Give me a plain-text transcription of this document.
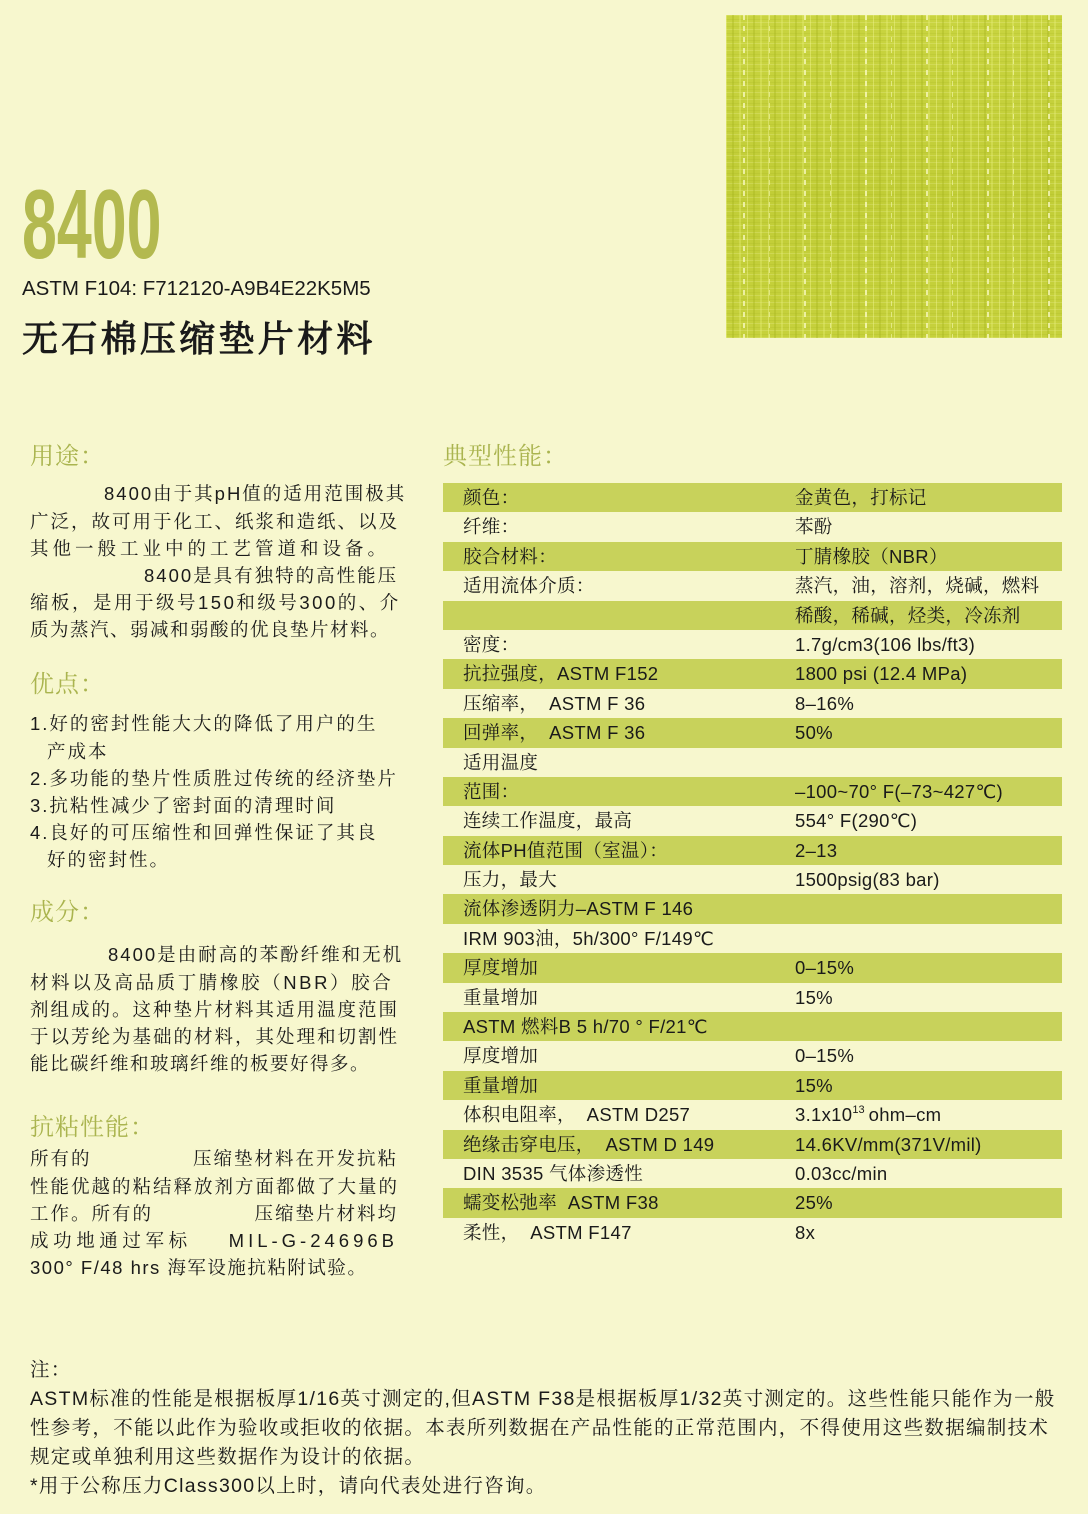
8400
ASTM F104: F712120-A9B4E22K5M5
无石棉压缩垫片材料
用途：
8400由于其pH值的适用范围极其
广泛，故可用于化工、纸浆和造纸、以及
其他一般工业中的工艺管道和设备。
8400是具有独特的高性能压
缩板，是用于级号150和级号300的、介
质为蒸汽、弱减和弱酸的优良垫片材料。
优点：
1.好的密封性能大大的降低了用户的生
产成本
2.多功能的垫片性质胜过传统的经济垫片
3.抗粘性减少了密封面的清理时间
4.良好的可压缩性和回弹性保证了其良
好的密封性。
成分：
8400是由耐高的苯酚纤维和无机
材料以及高品质丁腈橡胶（NBR）胶合
剂组成的。这种垫片材料其适用温度范围
于以芳纶为基础的材料，其处理和切割性
能比碳纤维和玻璃纤维的板要好得多。
抗粘性能：
所有的	压缩垫材料在开发抗粘
性能优越的粘结释放剂方面都做了大量的
工作。所有的	压缩垫片材料均
成功地通过军标 MIL-G-24696B
300° F/48 hrs 海军设施抗粘附试验。
典型性能：
颜色：	金黄色，打标记
纤维：	苯酚
胶合材料：	丁腈橡胶（NBR）
适用流体介质：	蒸汽，油，溶剂，烧碱，燃料
稀酸，稀碱，烃类，冷冻剂
密度：	1.7g/cm3(106 lbs/ft3)
抗拉强度，ASTM F152	1800 psi (12.4 MPa)
压缩率，  ASTM F 36	8–16%
回弹率，  ASTM F 36	50%
适用温度
范围：	–100~70° F(–73~427℃)
连续工作温度，最高	554° F(290℃)
流体PH值范围（室温）：	2–13
压力，最大	1500psig(83 bar)
流体渗透阴力–ASTM F 146
IRM 903油，5h/300° F/149℃
厚度增加	0–15%
重量增加	15%
ASTM 燃料B 5 h/70 ° F/21℃
厚度增加	0–15%
重量增加	15%
体积电阻率，  ASTM D257	$3.1x10^{13}$ ohm–cm
绝缘击穿电压，  ASTM D 149	14.6KV/mm(371V/mil)
DIN 3535 气体渗透性	0.03cc/min
蠕变松弛率  ASTM F38	25%
柔性，  ASTM F147	8x
注：
ASTM标准的性能是根据板厚1/16英寸测定的,但ASTM F38是根据板厚1/32英寸测定的。这些性能只能作为一般
性参考，不能以此作为验收或拒收的依据。本表所列数据在产品性能的正常范围内，不得使用这些数据编制技术
规定或单独利用这些数据作为设计的依据。
*用于公称压力Class300以上时，请向代表处进行咨询。
